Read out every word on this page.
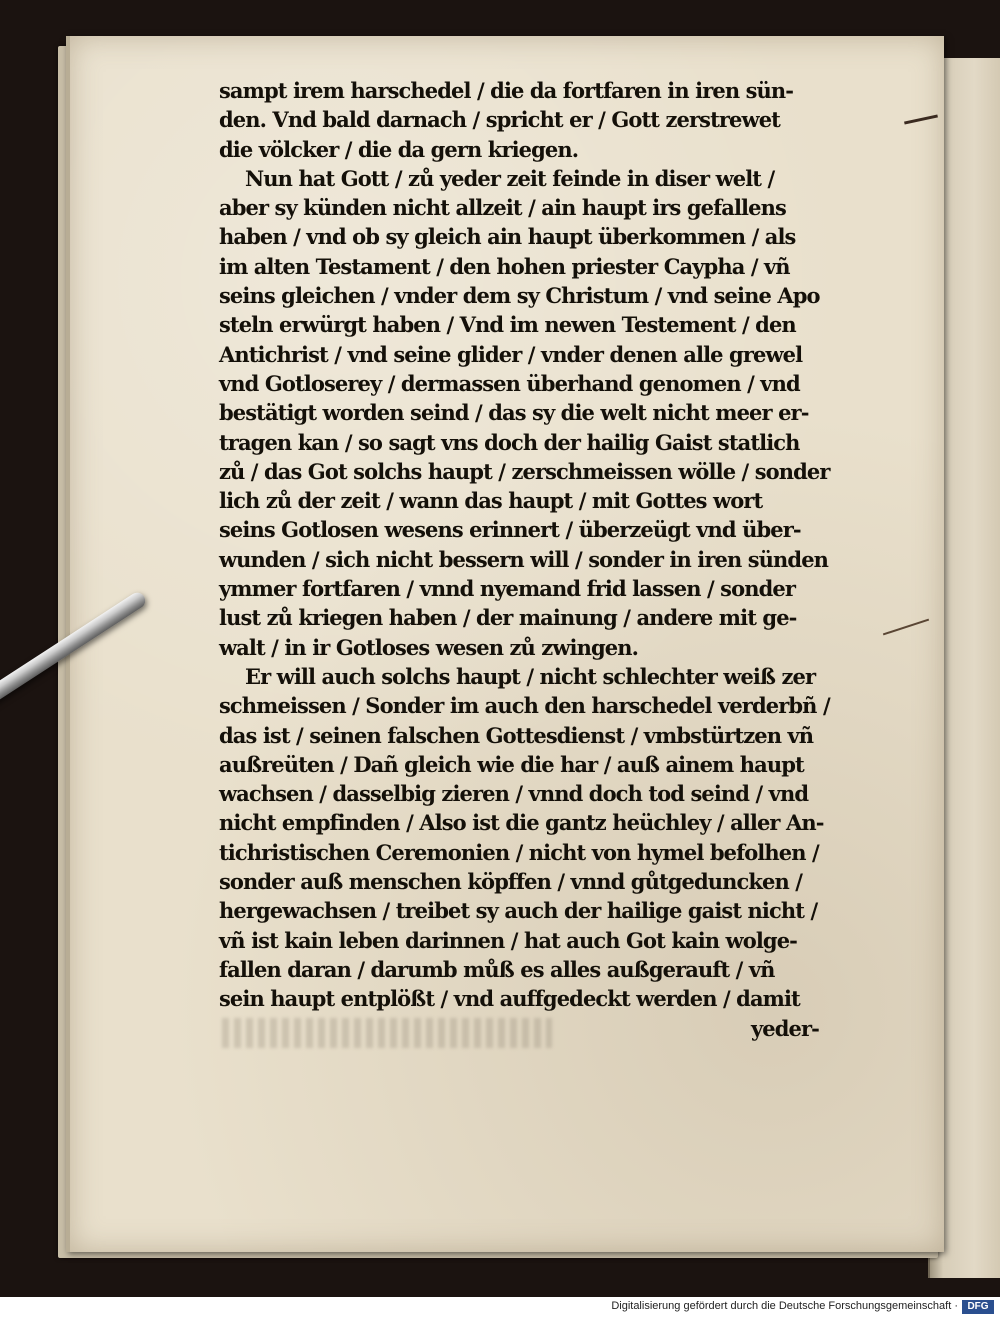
sampt irem harschedel / die da fortfaren in iren sün-
den. Vnd bald darnach / spricht er / Gott zerstrewet
die völcker / die da gern kriegen.
Nun hat Gott / zů yeder zeit feinde in diser welt /
aber sy künden nicht allzeit / ain haupt irs gefallens
haben / vnd ob sy gleich ain haupt überkommen / als
im alten Testament / den hohen priester Caypha / vñ
seins gleichen / vnder dem sy Christum / vnd seine Apo
steln erwürgt haben / Vnd im newen Testement / den
Antichrist / vnd seine glider / vnder denen alle grewel
vnd Gotloserey / dermassen überhand genomen / vnd
bestätigt worden seind / das sy die welt nicht meer er-
tragen kan / so sagt vns doch der hailig Gaist statlich
zů / das Got solchs haupt / zerschmeissen wölle / sonder
lich zů der zeit / wann das haupt / mit Gottes wort
seins Gotlosen wesens erinnert / überzeügt vnd über-
wunden / sich nicht bessern will / sonder in iren sünden
ymmer fortfaren / vnnd nyemand frid lassen / sonder
lust zů kriegen haben / der mainung / andere mit ge-
walt / in ir Gotloses wesen zů zwingen.
Er will auch solchs haupt / nicht schlechter weiß zer
schmeissen / Sonder im auch den harschedel verderbñ /
das ist / seinen falschen Gottesdienst / vmbstürtzen vñ
außreüten / Dañ gleich wie die har / auß ainem haupt
wachsen / dasselbig zieren / vnnd doch tod seind / vnd
nicht empfinden / Also ist die gantz heüchley / aller An-
tichristischen Ceremonien / nicht von hymel befolhen /
sonder auß menschen köpffen / vnnd gůtgeduncken /
hergewachsen / treibet sy auch der hailige gaist nicht /
vñ ist kain leben darinnen / hat auch Got kain wolge-
fallen daran / darumb můß es alles außgerauft / vñ
sein haupt entplößt / vnd auffgedeckt werden / damit
yeder-
Digitalisierung gefördert durch die Deutsche Forschungsgemeinschaft · DFG
